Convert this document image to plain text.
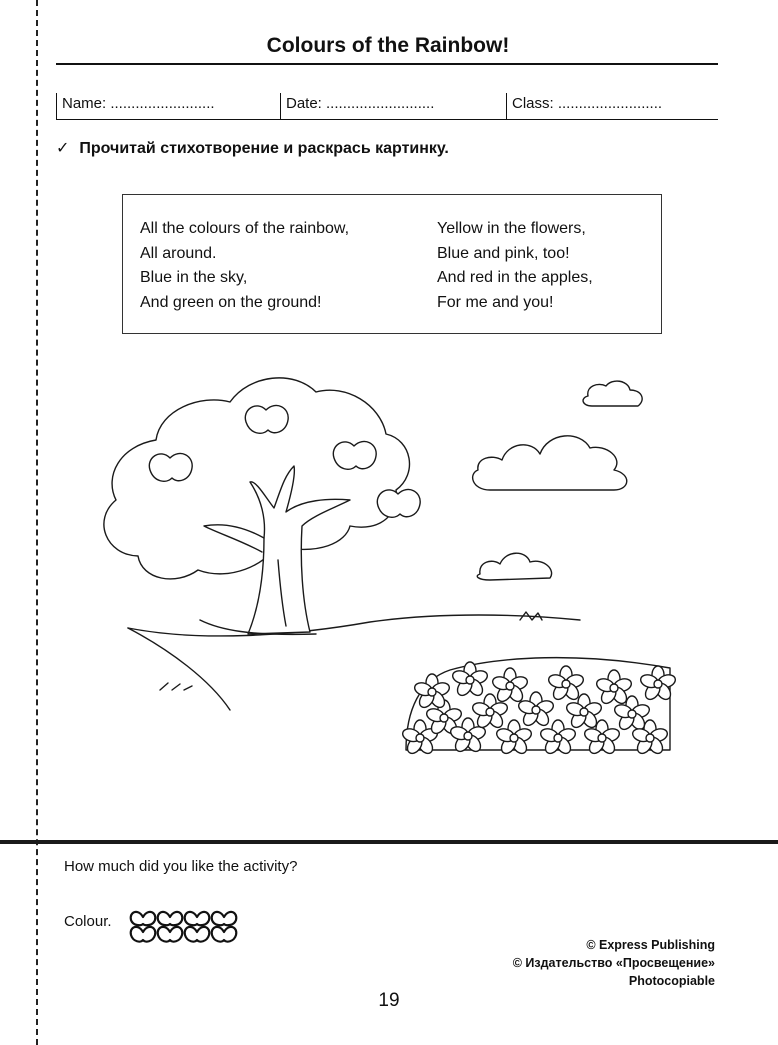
Colours of the Rainbow!
Name: .........................	Date: ..........................	Class: .........................
✓ Прочитай стихотворение и раскрась картинку.
All the colours of the rainbow,
All around.
Blue in the sky,
And green on the ground!
Yellow in the flowers,
Blue and pink, too!
And red in the apples,
For me and you!
How much did you like the activity?
Colour.
© Express Publishing
© Издательство «Просвещение»
Photocopiable
19
